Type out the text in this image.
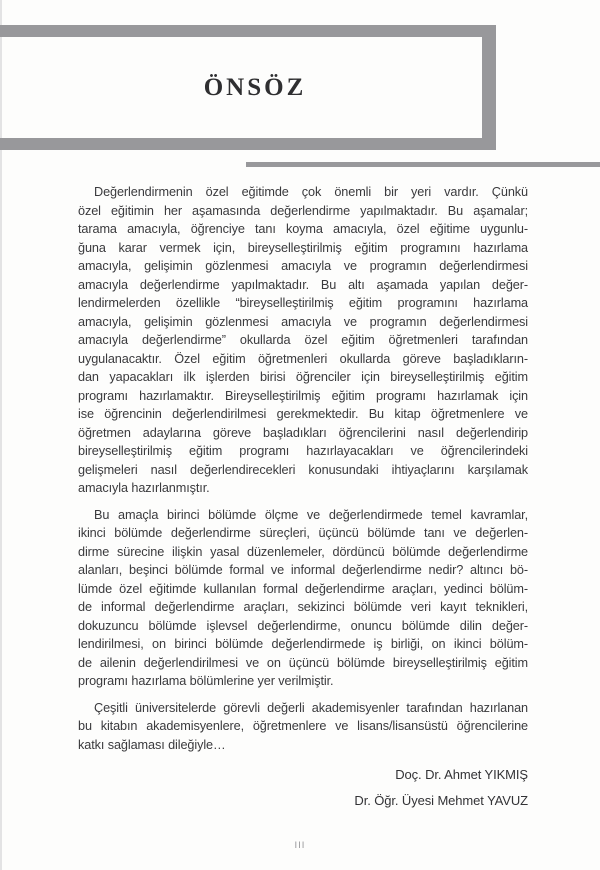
ÖNSÖZ
Değerlendirmenin özel eğitimde çok önemli bir yeri vardır. Çünkü
özel eğitimin her aşamasında değerlendirme yapılmaktadır. Bu aşamalar;
tarama amacıyla, öğrenciye tanı koyma amacıyla, özel eğitime uygunlu-
ğuna karar vermek için, bireyselleştirilmiş eğitim programını hazırlama
amacıyla, gelişimin gözlenmesi amacıyla ve programın değerlendirmesi
amacıyla değerlendirme yapılmaktadır. Bu altı aşamada yapılan değer-
lendirmelerden özellikle “bireyselleştirilmiş eğitim programını hazırlama
amacıyla, gelişimin gözlenmesi amacıyla ve programın değerlendirmesi
amacıyla değerlendirme” okullarda özel eğitim öğretmenleri tarafından
uygulanacaktır. Özel eğitim öğretmenleri okullarda göreve başladıkların-
dan yapacakları ilk işlerden birisi öğrenciler için bireyselleştirilmiş eğitim
programı hazırlamaktır. Bireyselleştirilmiş eğitim programı hazırlamak için
ise öğrencinin değerlendirilmesi gerekmektedir. Bu kitap öğretmenlere ve
öğretmen adaylarına göreve başladıkları öğrencilerini nasıl değerlendirip
bireyselleştirilmiş eğitim programı hazırlayacakları ve öğrencilerindeki
gelişmeleri nasıl değerlendirecekleri konusundaki ihtiyaçlarını karşılamak
amacıyla hazırlanmıştır.
Bu amaçla birinci bölümde ölçme ve değerlendirmede temel kavramlar,
ikinci bölümde değerlendirme süreçleri, üçüncü bölümde tanı ve değerlen-
dirme sürecine ilişkin yasal düzenlemeler, dördüncü bölümde değerlendirme
alanları, beşinci bölümde formal ve informal değerlendirme nedir? altıncı bö-
lümde özel eğitimde kullanılan formal değerlendirme araçları, yedinci bölüm-
de informal değerlendirme araçları, sekizinci bölümde veri kayıt teknikleri,
dokuzuncu bölümde işlevsel değerlendirme, onuncu bölümde dilin değer-
lendirilmesi, on birinci bölümde değerlendirmede iş birliği, on ikinci bölüm-
de ailenin değerlendirilmesi ve on üçüncü bölümde bireyselleştirilmiş eğitim
programı hazırlama bölümlerine yer verilmiştir.
Çeşitli üniversitelerde görevli değerli akademisyenler tarafından hazırlanan
bu kitabın akademisyenlere, öğretmenlere ve lisans/lisansüstü öğrencilerine
katkı sağlaması dileğiyle…
Doç. Dr. Ahmet YIKMIŞ
Dr. Öğr. Üyesi Mehmet YAVUZ
III
